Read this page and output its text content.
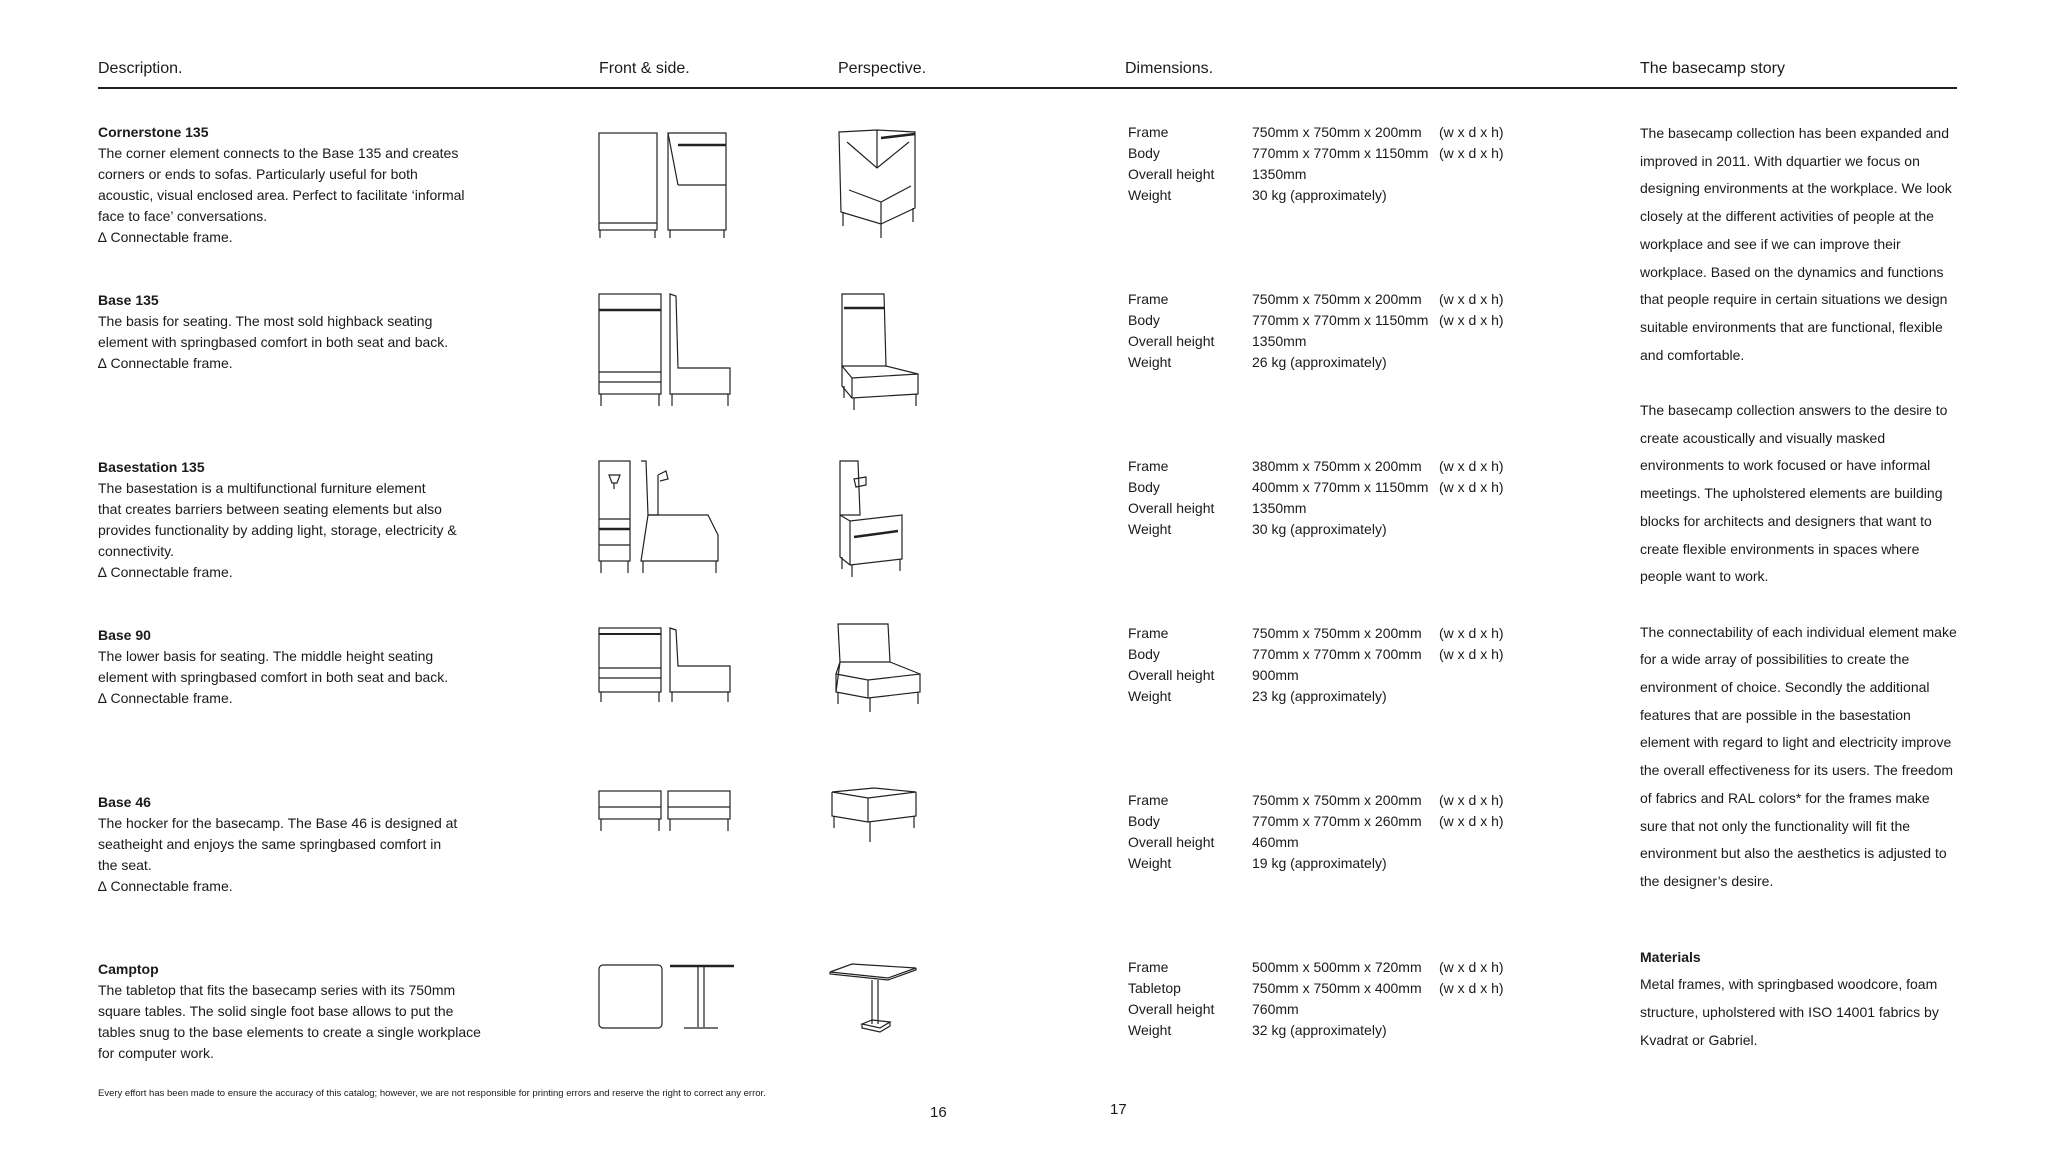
Description.	Front & side.	Perspective.	Dimensions.	The basecamp story
Cornerstone 135

The corner element connects to the Base 135 and creates

corners or ends to sofas. Particularly useful for both

acoustic, visual enclosed area. Perfect to facilitate ‘informal

face to face’ conversations.

∆ Connectable frame.

Frame	750mm x 750mm x 200mm	(w x d x h)
Body	770mm x 770mm x 1150mm	(w x d x h)
Overall height	1350mm	
Weight	30 kg (approximately)	
Base 135

The basis for seating. The most sold highback seating

element with springbased comfort in both seat and back.

∆ Connectable frame.

Frame	750mm x 750mm x 200mm	(w x d x h)
Body	770mm x 770mm x 1150mm	(w x d x h)
Overall height	1350mm	
Weight	26 kg (approximately)	
Basestation 135

The basestation is a multifunctional furniture element

that creates barriers between seating elements but also

provides functionality by adding light, storage, electricity &

connectivity.

∆ Connectable frame.

Frame	380mm x 750mm x 200mm	(w x d x h)
Body	400mm x 770mm x 1150mm	(w x d x h)
Overall height	1350mm	
Weight	30 kg (approximately)	
Base 90

The lower basis for seating. The middle height seating

element with springbased comfort in both seat and back.

∆ Connectable frame.

Frame	750mm x 750mm x 200mm	(w x d x h)
Body	770mm x 770mm x 700mm	(w x d x h)
Overall height	900mm	
Weight	23 kg (approximately)	
Base 46

The hocker for the basecamp. The Base 46 is designed at

seatheight and enjoys the same springbased comfort in

the seat.

∆ Connectable frame.

Frame	750mm x 750mm x 200mm	(w x d x h)
Body	770mm x 770mm x 260mm	(w x d x h)
Overall height	460mm	
Weight	19 kg (approximately)	
Camptop

The tabletop that fits the basecamp series with its 750mm

square tables. The solid single foot base allows to put the

tables snug to the base elements to create a single workplace

for computer work.

Frame	500mm x 500mm x 720mm	(w x d x h)
Tabletop	750mm x 750mm x 400mm	(w x d x h)
Overall height	760mm	
Weight	32 kg (approximately)	

The basecamp collection has been expanded and improved in 2011. With dquartier we focus on designing environments at the workplace. We look closely at the different activities of people at the workplace and see if we can improve their workplace. Based on the dynamics and functions that people require in certain situations we design suitable environments that are functional, flexible and comfortable.

The basecamp collection answers to the desire to create acoustically and visually masked environments to work focused or have informal meetings. The upholstered elements are building blocks for architects and designers that want to create flexible environments in spaces where people want to work.

The connectability of each individual element make for a wide array of possibilities to create the environment of choice. Secondly the additional features that are possible in the basestation element with regard to light and electricity improve the overall effectiveness for its users. The freedom of fabrics and RAL colors* for the frames make sure that not only the functionality will fit the environment but also the aesthetics is adjusted to the designer’s desire.

Materials

Metal frames, with springbased woodcore, foam structure, upholstered with ISO 14001 fabrics by Kvadrat or Gabriel.

Every effort has been made to ensure the accuracy of this catalog; however, we are not responsible for printing errors and reserve the right to correct any error.
16	17
